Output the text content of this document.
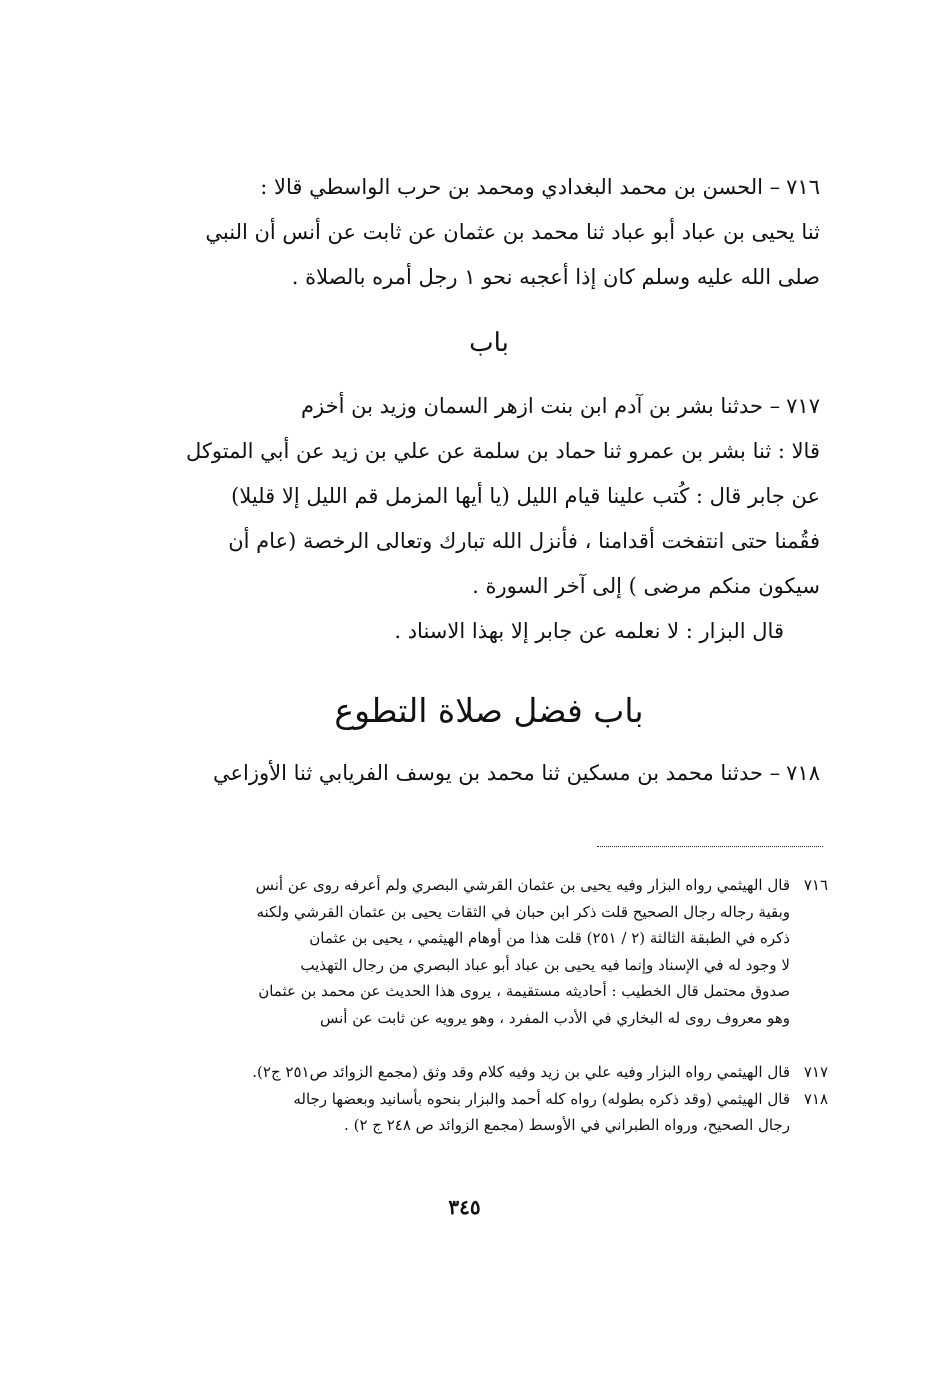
٧١٦– الحسن بن محمد البغدادي ومحمد بن حرب الواسطي قالا :
ثنا يحيى بن عباد أبو عباد ثنا محمد بن عثمان عن ثابت عن أنس أن النبي
صلى الله عليه وسلم كان إذا أعجبه نحو ١ رجل أمره بالصلاة .
باب
٧١٧– حدثنا بشر بن آدم ابن بنت ازهر السمان وزيد بن أخزم
قالا : ثنا بشر بن عمرو ثنا حماد بن سلمة عن علي بن زيد عن أبي المتوكل
عن جابر قال : كُتب علينا قيام الليل (يا أيها المزمل قم الليل إلا قليلا)
فقُمنا حتى انتفخت أقدامنا ، فأنزل الله تبارك وتعالى الرخصة (عام أن
سيكون منكم مرضى ) إلى آخر السورة .
قال البزار : لا نعلمه عن جابر إلا بهذا الاسناد .
باب فضل صلاة التطوع
٧١٨– حدثنا محمد بن مسكين ثنا محمد بن يوسف الفريابي ثنا الأوزاعي
٧١٦
قال الهيثمي رواه البزار وفيه يحيى بن عثمان القرشي البصري ولم أعرفه روى عن أنس
وبقية رجاله رجال الصحيح قلت ذكر ابن حبان في الثقات يحيى بن عثمان القرشي ولكنه
ذكره في الطبقة الثالثة (٢ / ٢٥١) قلت هذا من أوهام الهيثمي ، يحيى بن عثمان
لا وجود له في الإسناد وإنما فيه يحيى بن عباد أبو عباد البصري من رجال التهذيب
صدوق محتمل قال الخطيب : أحاديثه مستقيمة ، يروى هذا الحديث عن محمد بن عثمان
وهو معروف روى له البخاري في الأدب المفرد ، وهو يرويه عن ثابت عن أنس
٧١٧
قال الهيثمي رواه البزار وفيه علي بن زيد وفيه كلام وقد وثق (مجمع الزوائد ص٢٥١ ج٢).
٧١٨
قال الهيثمي (وقد ذكره بطوله) رواه كله أحمد والبزار بنحوه بأسانيد وبعضها رجاله
رجال الصحيح، ورواه الطبراني في الأوسط (مجمع الزوائد ص ٢٤٨ ج ٢) .
٣٤٥
